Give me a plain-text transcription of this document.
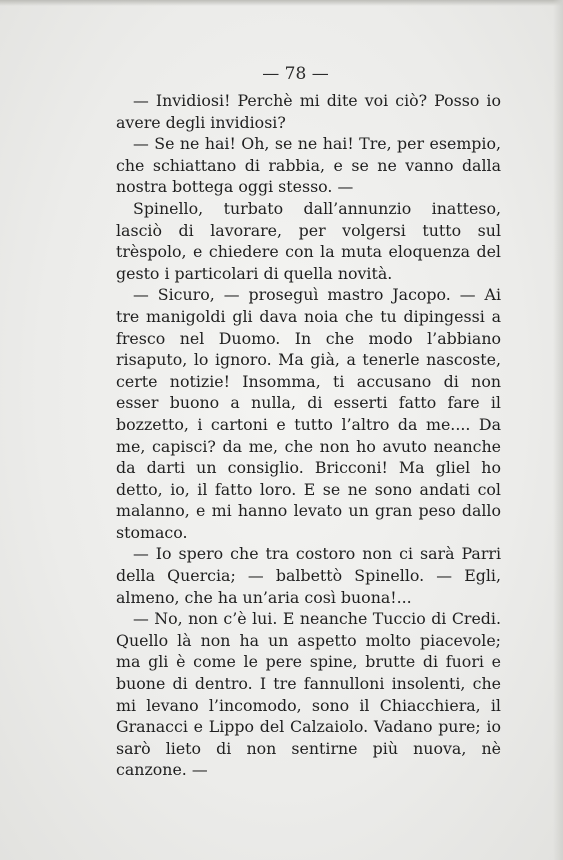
— 78 —

— Invidiosi! Perchè mi dite voi ciò? Posso io avere degli invidiosi?

— Se ne hai! Oh, se ne hai! Tre, per esempio, che schiattano di rabbia, e se ne vanno dalla nostra bottega oggi stesso. —

Spinello, turbato dall’annunzio inatteso, lasciò di lavorare, per volgersi tutto sul trèspolo, e chiedere con la muta eloquenza del gesto i particolari di quella novità.

— Sicuro, — proseguì mastro Jacopo. — Ai tre manigoldi gli dava noia che tu dipingessi a fresco nel Duomo. In che modo l’abbiano risaputo, lo ignoro. Ma già, a tenerle nascoste, certe notizie! Insomma, ti accusano di non esser buono a nulla, di esserti fatto fare il bozzetto, i cartoni e tutto l’altro da me.... Da me, capisci? da me, che non ho avuto neanche da darti un consiglio. Bricconi! Ma gliel ho detto, io, il fatto loro. E se ne sono andati col malanno, e mi hanno levato un gran peso dallo stomaco.

— Io spero che tra costoro non ci sarà Parri della Quercia; — balbettò Spinello. — Egli, almeno, che ha un’aria così buona!...

— No, non c’è lui. E neanche Tuccio di Credi. Quello là non ha un aspetto molto piacevole; ma gli è come le pere spine, brutte di fuori e buone di dentro. I tre fannulloni insolenti, che mi levano l’incomodo, sono il Chiacchiera, il Granacci e Lippo del Calzaiolo. Vadano pure; io sarò lieto di non sentirne più nuova, nè canzone. —
